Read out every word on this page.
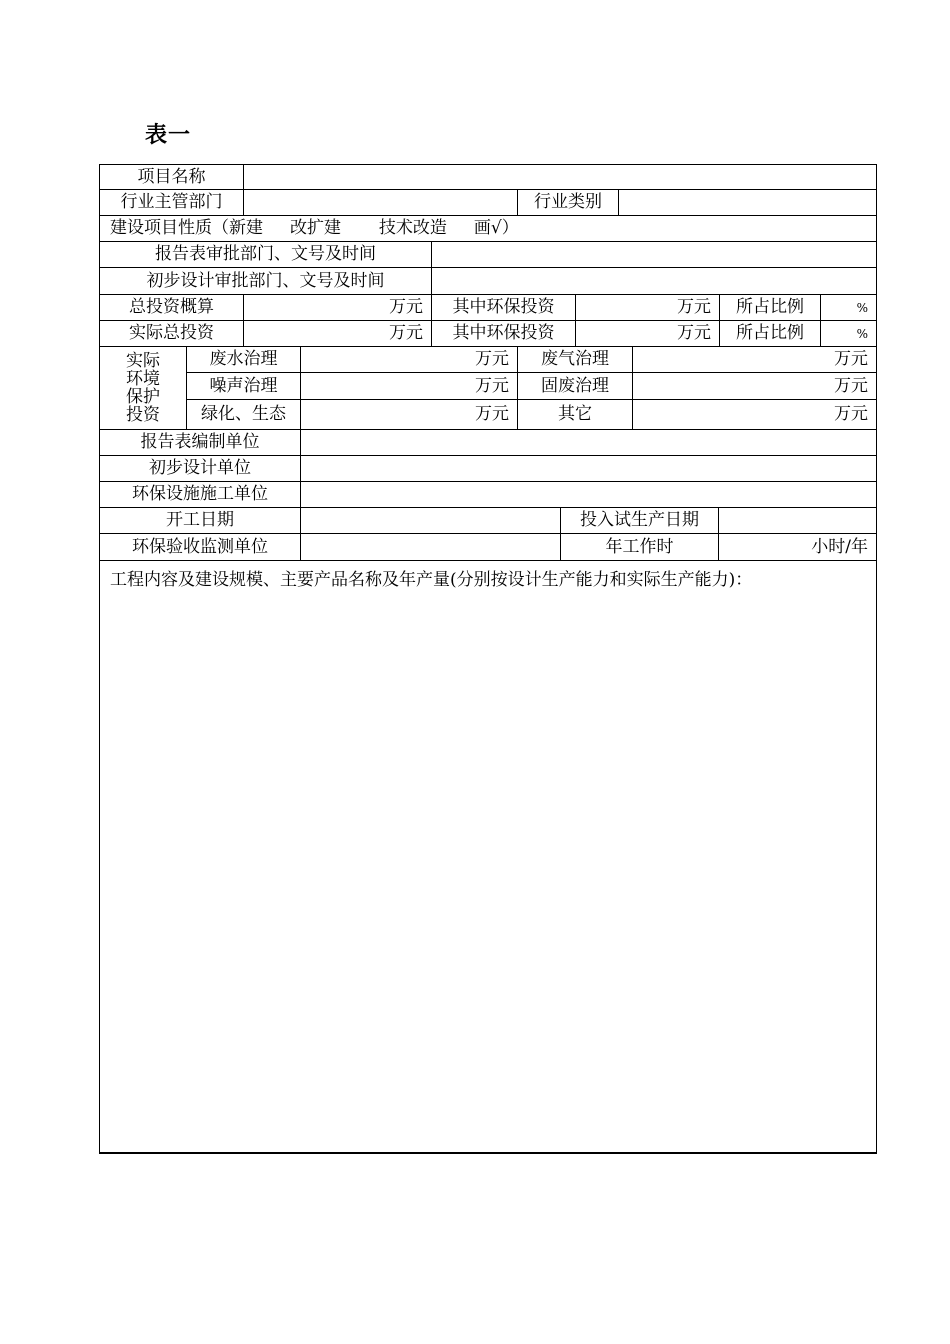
表一
项目名称
行业主管部门	行业类别
建设项目性质（新建     改扩建       技术改造     画√）
报告表审批部门、文号及时间
初步设计审批部门、文号及时间
总投资概算	万元	其中环保投资	万元	所占比例	%
实际总投资	万元	其中环保投资	万元	所占比例	%
实际
环境
保护
投资
废水治理	万元	废气治理	万元
噪声治理	万元	固废治理	万元
绿化、生态	万元	其它	万元
报告表编制单位
初步设计单位
环保设施施工单位
开工日期	投入试生产日期
环保验收监测单位	年工作时	小时/年
工程内容及建设规模、主要产品名称及年产量(分别按设计生产能力和实际生产能力)：
